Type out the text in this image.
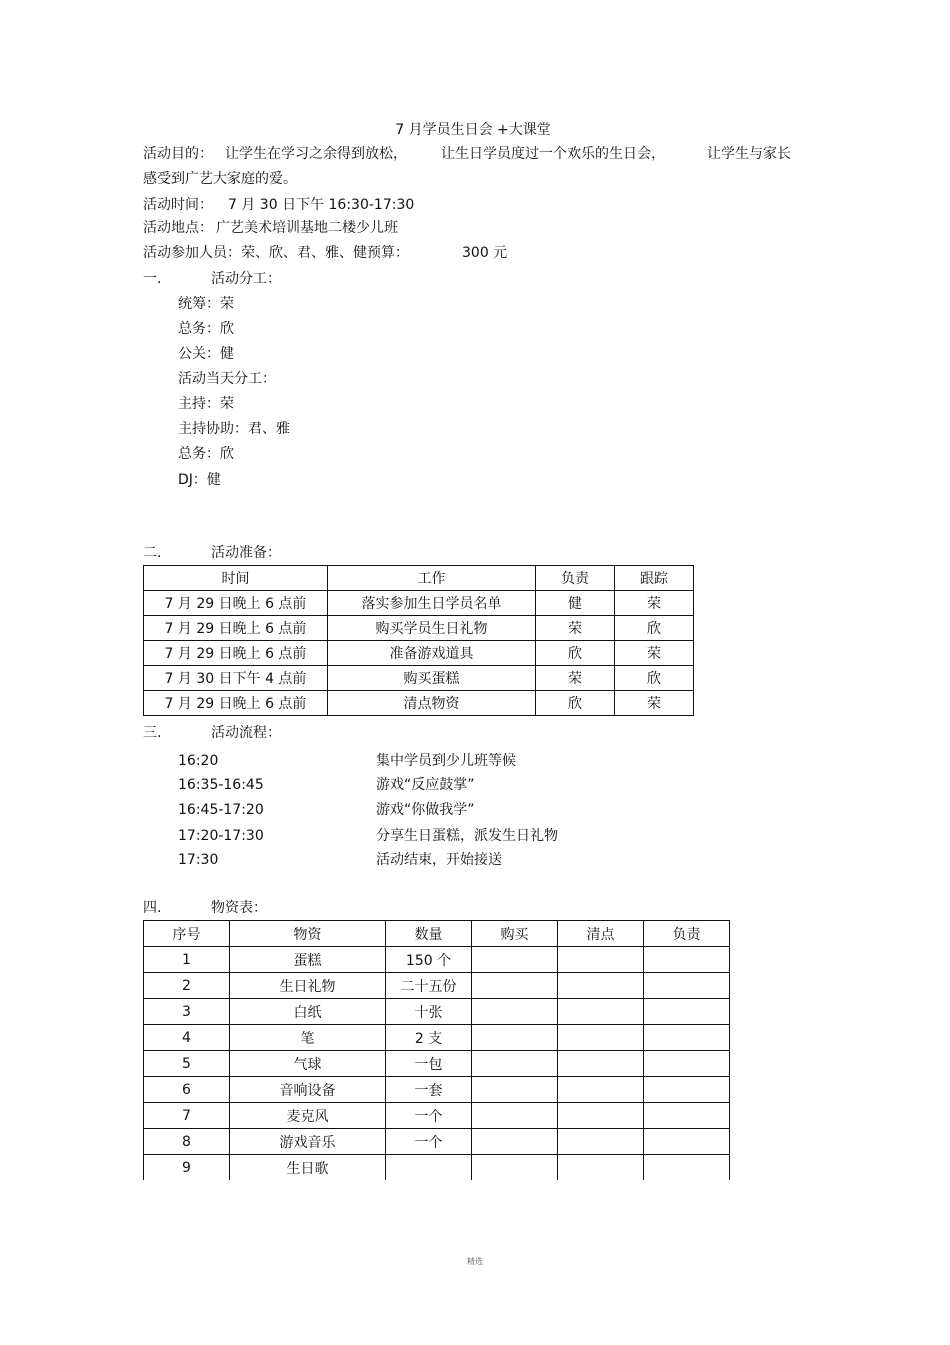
7 月学员生日会 +大课堂
活动目的： 让学生在学习之余得到放松， 让生日学员度过一个欢乐的生日会，	让学生与家长
感受到广艺大家庭的爱。
活动时间： 7 月 30 日下午 16:30-17:30
活动地点： 广艺美术培训基地二楼少儿班
活动参加人员：荣、欣、君、雅、健预算：	300 元
一.	活动分工：
统筹：荣
总务：欣
公关：健
活动当天分工：
主持：荣
主持协助：君、雅
总务：欣
DJ：健
二.	活动准备：
时间	工作	负责	跟踪
7 月 29 日晚上 6 点前	落实参加生日学员名单	健	荣
7 月 29 日晚上 6 点前	购买学员生日礼物	荣	欣
7 月 29 日晚上 6 点前	准备游戏道具	欣	荣
7 月 30 日下午 4 点前	购买蛋糕	荣	欣
7 月 29 日晚上 6 点前	清点物资	欣	荣
三.	活动流程：
16:20	集中学员到少儿班等候
16:35-16:45	游戏“反应鼓掌”
16:45-17:20	游戏“你做我学”
17:20-17:30	分享生日蛋糕，派发生日礼物
17:30	活动结束，开始接送
四.	物资表：
序号	物资	数量	购买	清点	负责
1	蛋糕	150 个			
2	生日礼物	二十五份			
3	白纸	十张			
4	笔	2 支			
5	气球	一包			
6	音响设备	一套			
7	麦克风	一个			
8	游戏音乐	一个			
9	生日歌				
精选
